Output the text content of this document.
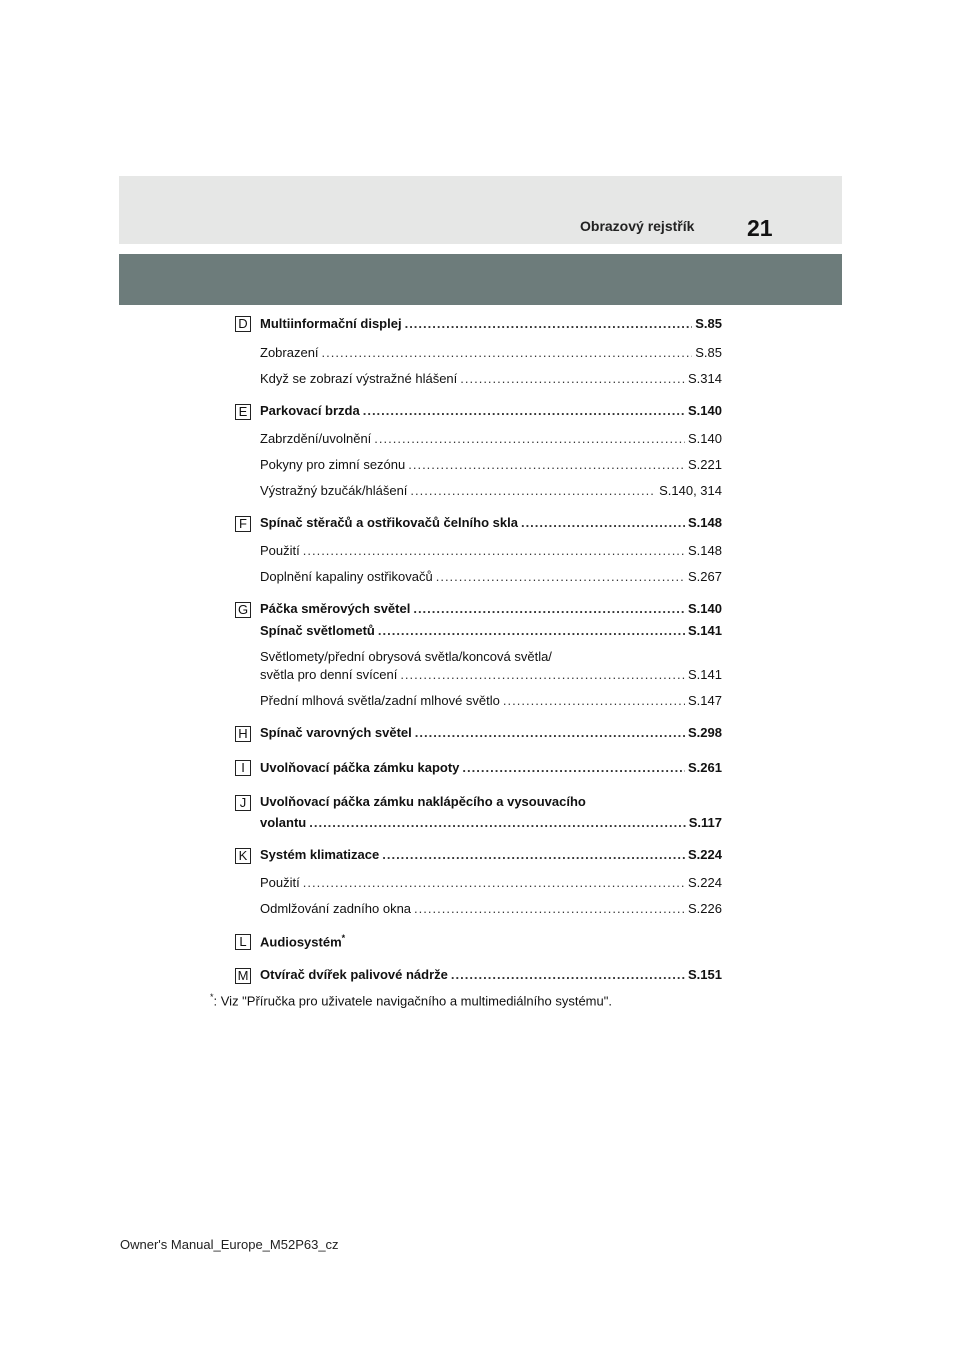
Obrazový rejstřík 21
D Multiinformační displej .....	S.85
Zobrazení .....	S.85
Když se zobrazí výstražné hlášení .....	S.314
E Parkovací brzda .....	S.140
Zabrzdění/uvolnění .....	S.140
Pokyny pro zimní sezónu .....	S.221
Výstražný bzučák/hlášení .....	S.140, 314
F	Spínač stěračů a ostřikovačů čelního skla .....	S.148
Použití .....	S.148
Doplnění kapaliny ostřikovačů .....	S.267
G Páčka směrových světel .....	S.140
Spínač světlometů .....	S.141
Světlomety/přední obrysová světla/koncová světla/
světla pro denní svícení .....	S.141
Přední mlhová světla/zadní mlhové světlo .....	S.147
H Spínač varovných světel .....	S.298
I	Uvolňovací páčka zámku kapoty .....	S.261
J	Uvolňovací páčka zámku naklápěcího a vysouvacího
volantu .....	S.117
K Systém klimatizace .....	S.224
Použití .....	S.224
Odmlžování zadního okna .....	S.226
L	Audiosystém*
M Otvírač dvířek palivové nádrže .....	S.151
*: Viz "Příručka pro uživatele navigačního a multimediálního systému".
Owner's Manual_Europe_M52P63_cz
